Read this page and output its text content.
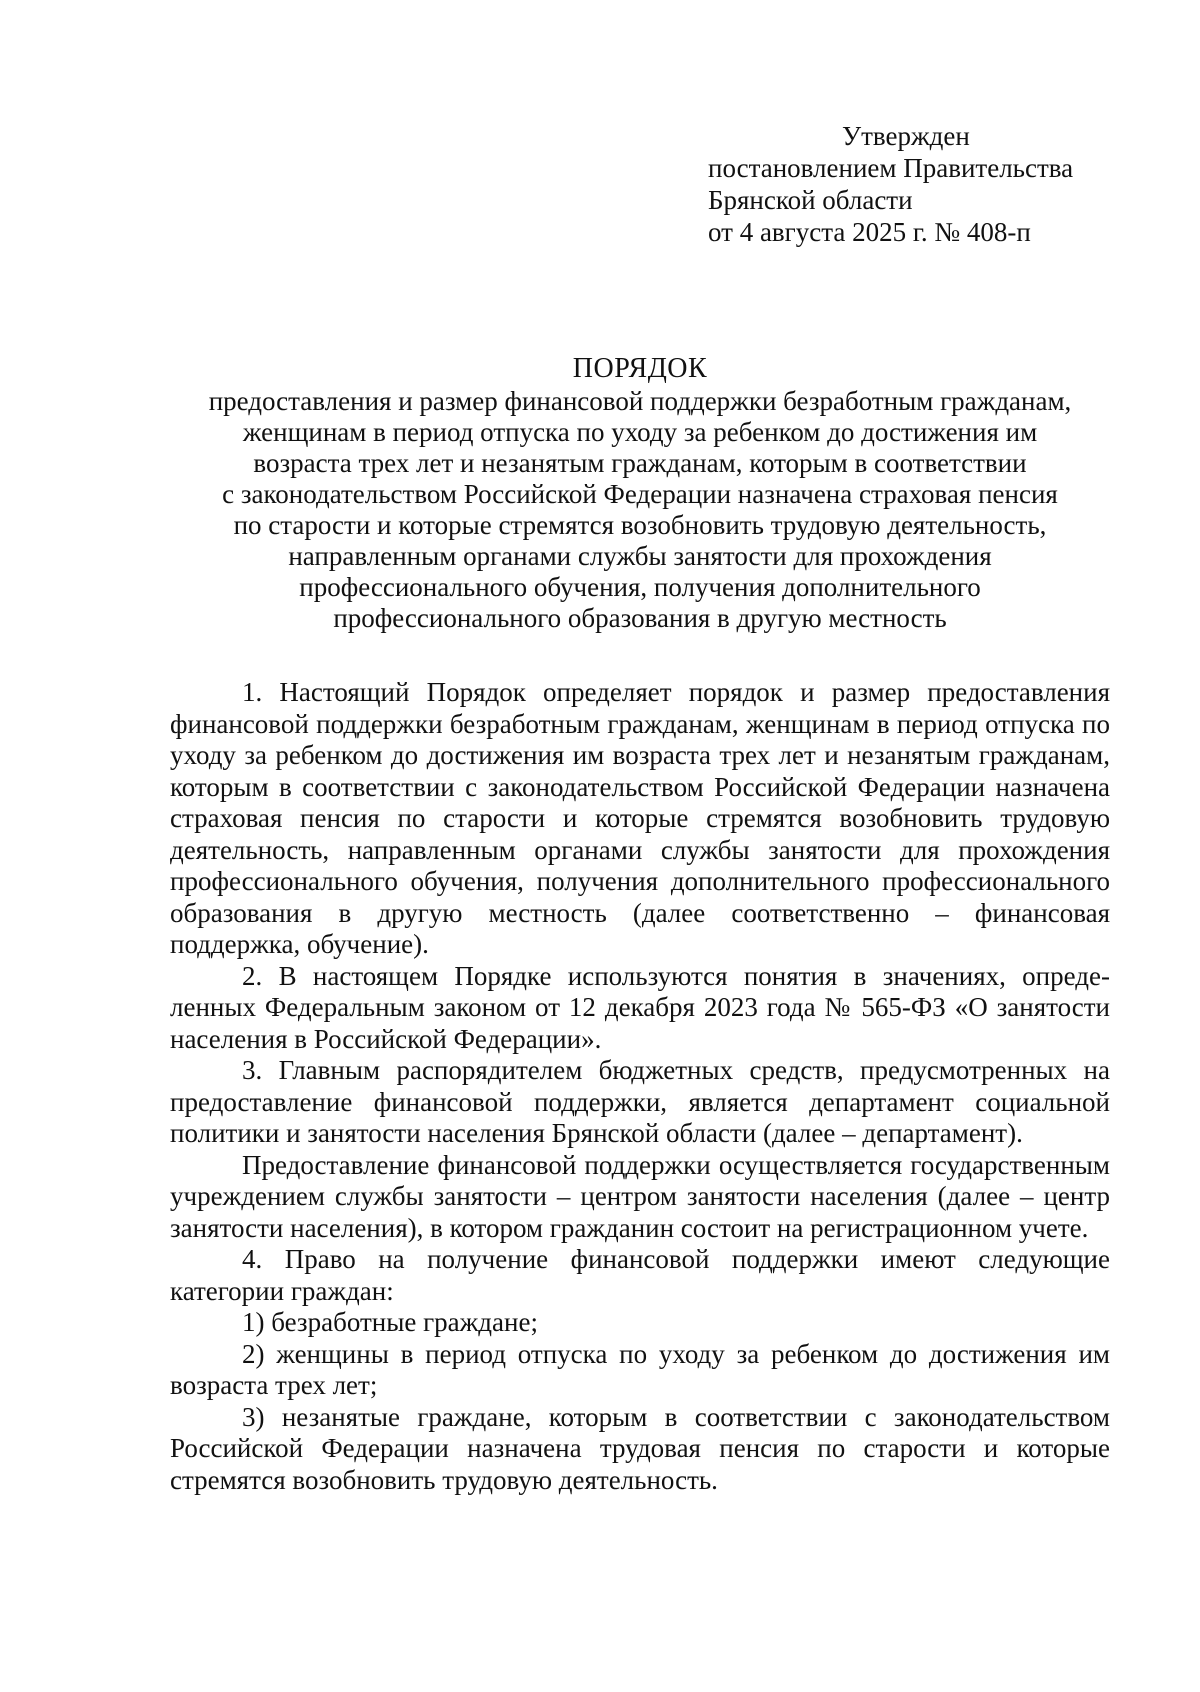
Утвержден
постановлением Правительства
Брянской области
от 4 августа 2025 г. № 408-п
ПОРЯДОК
предоставления и размер финансовой поддержки безработным гражданам,
женщинам в период отпуска по уходу за ребенком до достижения им
возраста трех лет и незанятым гражданам, которым в соответствии
с законодательством Российской Федерации назначена страховая пенсия
по старости и которые стремятся возобновить трудовую деятельность,
направленным органами службы занятости для прохождения
профессионального обучения, получения дополнительного
профессионального образования в другую местность

1. Настоящий Порядок определяет порядок и размер предоставления финансовой поддержки безработным гражданам, женщинам в период отпуска по уходу за ребенком до достижения им возраста трех лет и незанятым гражданам, которым в соответствии с законодательством Российской Федерации назначена страховая пенсия по старости и которые стремятся возобновить трудовую деятельность, направленным органами службы занятости для прохождения профессионального обучения, получения дополнительного профессионального образования в другую местность (далее соответственно – финансовая поддержка, обучение).

2. В настоящем Порядке используются понятия в значениях, определенных Федеральным законом от 12 декабря 2023 года № 565-ФЗ «О занятости населения в Российской Федерации».

3. Главным распорядителем бюджетных средств, предусмотренных на предоставление финансовой поддержки, является департамент социальной политики и занятости населения Брянской области (далее – департамент).

Предоставление финансовой поддержки осуществляется государственным учреждением службы занятости – центром занятости населения (далее – центр занятости населения), в котором гражданин состоит на регистрационном учете.

4. Право на получение финансовой поддержки имеют следующие категории граждан:

1) безработные граждане;

2) женщины в период отпуска по уходу за ребенком до достижения им возраста трех лет;

3) незанятые граждане, которым в соответствии с законодательством Российской Федерации назначена трудовая пенсия по старости и которые стремятся возобновить трудовую деятельность.
